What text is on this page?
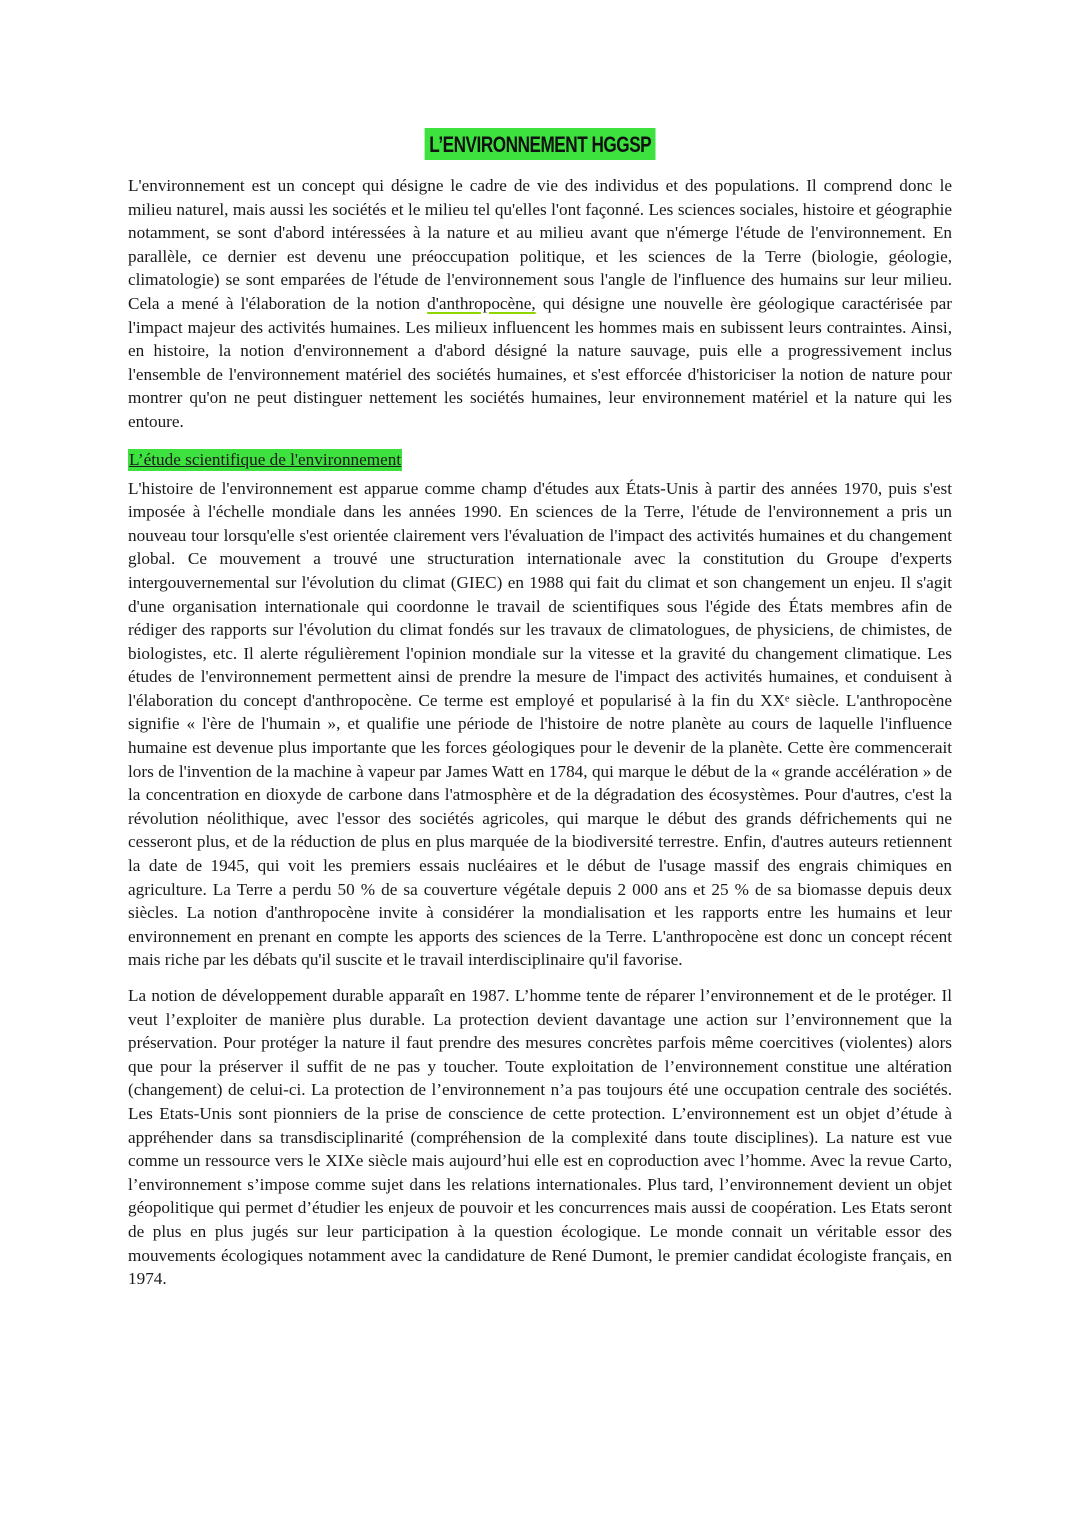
L’ENVIRONNEMENT HGGSP

L'environnement est un concept qui désigne le cadre de vie des individus et des populations. Il comprend donc le milieu naturel, mais aussi les sociétés et le milieu tel qu'elles l'ont façonné. Les sciences sociales, histoire et géographie notamment, se sont d'abord intéressées à la nature et au milieu avant que n'émerge l'étude de l'environnement. En parallèle, ce dernier est devenu une préoccupation politique, et les sciences de la Terre (biologie, géologie, climatologie) se sont emparées de l'étude de l'environnement sous l'angle de l'influence des humains sur leur milieu. Cela a mené à l'élaboration de la notion d'anthropocène, qui désigne une nouvelle ère géologique caractérisée par l'impact majeur des activités humaines. Les milieux influencent les hommes mais en subissent leurs contraintes. Ainsi, en histoire, la notion d'environnement a d'abord désigné la nature sauvage, puis elle a progressivement inclus l'ensemble de l'environnement matériel des sociétés humaines, et s'est efforcée d'historiciser la notion de nature pour montrer qu'on ne peut distinguer nettement les sociétés humaines, leur environnement matériel et la nature qui les entoure.

L’étude scientifique de l'environnement

L'histoire de l'environnement est apparue comme champ d'études aux États-Unis à partir des années 1970, puis s'est imposée à l'échelle mondiale dans les années 1990. En sciences de la Terre, l'étude de l'environnement a pris un nouveau tour lorsqu'elle s'est orientée clairement vers l'évaluation de l'impact des activités humaines et du changement global. Ce mouvement a trouvé une structuration internationale avec la constitution du Groupe d'experts intergouvernemental sur l'évolution du climat (GIEC) en 1988 qui fait du climat et son changement un enjeu. Il s'agit d'une organisation internationale qui coordonne le travail de scientifiques sous l'égide des États membres afin de rédiger des rapports sur l'évolution du climat fondés sur les travaux de climatologues, de physiciens, de chimistes, de biologistes, etc. Il alerte régulièrement l'opinion mondiale sur la vitesse et la gravité du changement climatique. Les études de l'environnement permettent ainsi de prendre la mesure de l'impact des activités humaines, et conduisent à l'élaboration du concept d'anthropocène. Ce terme est employé et popularisé à la fin du XXᵉ siècle. L'anthropocène signifie « l'ère de l'humain », et qualifie une période de l'histoire de notre planète au cours de laquelle l'influence humaine est devenue plus importante que les forces géologiques pour le devenir de la planète. Cette ère commencerait lors de l'invention de la machine à vapeur par James Watt en 1784, qui marque le début de la « grande accélération » de la concentration en dioxyde de carbone dans l'atmosphère et de la dégradation des écosystèmes. Pour d'autres, c'est la révolution néolithique, avec l'essor des sociétés agricoles, qui marque le début des grands défrichements qui ne cesseront plus, et de la réduction de plus en plus marquée de la biodiversité terrestre. Enfin, d'autres auteurs retiennent la date de 1945, qui voit les premiers essais nucléaires et le début de l'usage massif des engrais chimiques en agriculture. La Terre a perdu 50 % de sa couverture végétale depuis 2 000 ans et 25 % de sa biomasse depuis deux siècles. La notion d'anthropocène invite à considérer la mondialisation et les rapports entre les humains et leur environnement en prenant en compte les apports des sciences de la Terre. L'anthropocène est donc un concept récent mais riche par les débats qu'il suscite et le travail interdisciplinaire qu'il favorise.

La notion de développement durable apparaît en 1987. L’homme tente de réparer l’environnement et de le protéger. Il veut l’exploiter de manière plus durable. La protection devient davantage une action sur l’environnement que la préservation. Pour protéger la nature il faut prendre des mesures concrètes parfois même coercitives (violentes) alors que pour la préserver il suffit de ne pas y toucher. Toute exploitation de l’environnement constitue une altération (changement) de celui-ci. La protection de l’environnement n’a pas toujours été une occupation centrale des sociétés. Les Etats-Unis sont pionniers de la prise de conscience de cette protection. L’environnement est un objet d’étude à appréhender dans sa transdisciplinarité (compréhension de la complexité dans toute disciplines). La nature est vue comme un ressource vers le XIXe siècle mais aujourd’hui elle est en coproduction avec l’homme. Avec la revue Carto, l’environnement s’impose comme sujet dans les relations internationales. Plus tard, l’environnement devient un objet géopolitique qui permet d’étudier les enjeux de pouvoir et les concurrences mais aussi de coopération. Les Etats seront de plus en plus jugés sur leur participation à la question écologique. Le monde connait un véritable essor des mouvements écologiques notamment avec la candidature de René Dumont, le premier candidat écologiste français, en 1974.
